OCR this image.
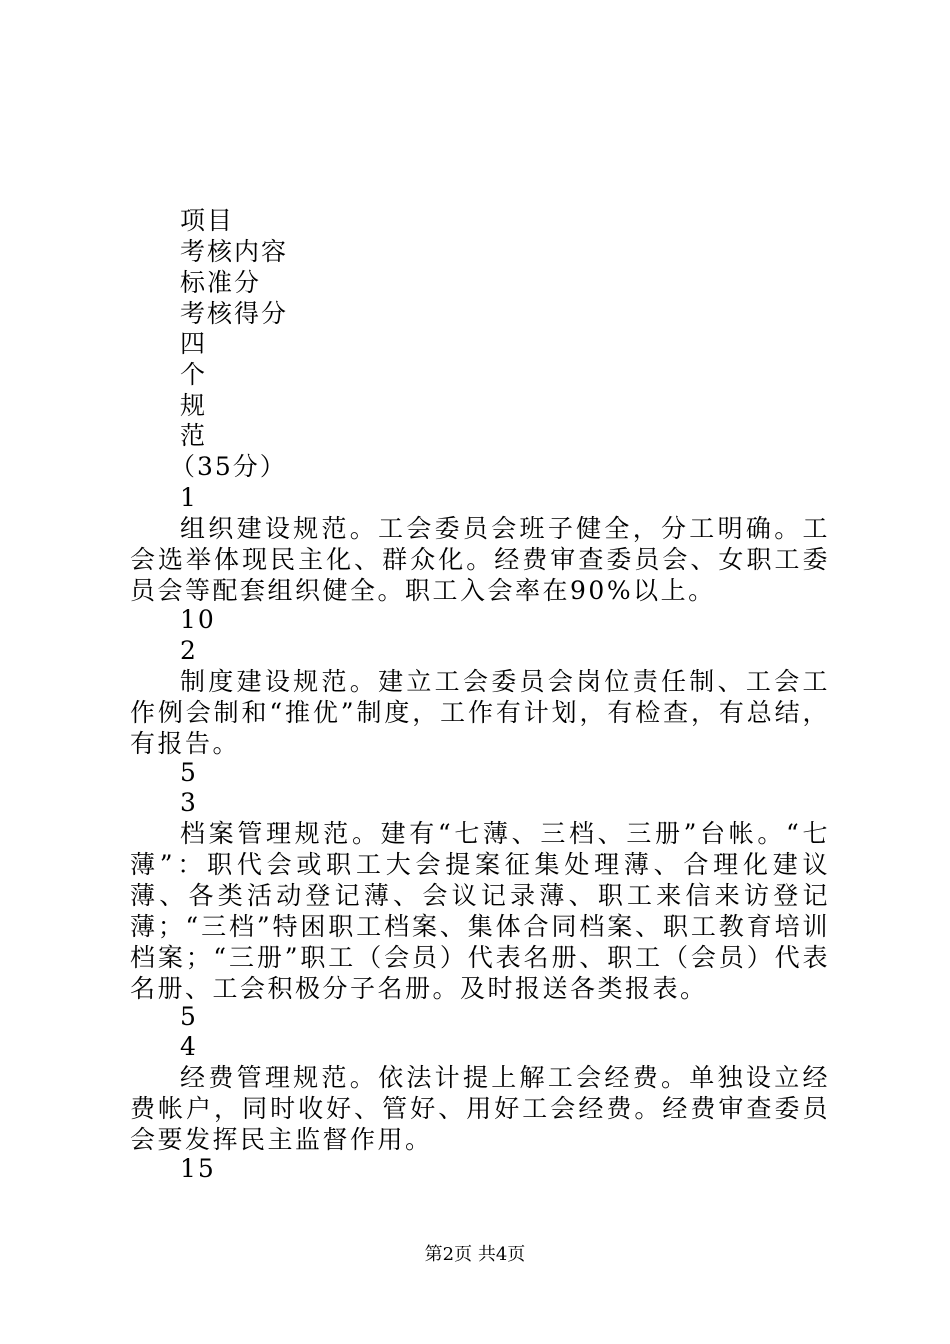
项目
考核内容
标准分
考核得分
四
个
规
范
（35分）
1
组织建设规范。工会委员会班子健全，分工明确。工会选举体现民主化、群众化。经费审查委员会、女职工委员会等配套组织健全。职工入会率在90%以上。
10
2
制度建设规范。建立工会委员会岗位责任制、工会工作例会制和“推优”制度，工作有计划，有检查，有总结，有报告。
5
3
档案管理规范。建有“七薄、三档、三册”台帐。“七薄”：职代会或职工大会提案征集处理薄、合理化建议薄、各类活动登记薄、会议记录薄、职工来信来访登记薄；“三档”特困职工档案、集体合同档案、职工教育培训档案；“三册”职工（会员）代表名册、职工（会员）代表名册、工会积极分子名册。及时报送各类报表。
5
4
经费管理规范。依法计提上解工会经费。单独设立经费帐户，同时收好、管好、用好工会经费。经费审查委员会要发挥民主监督作用。
15
第2页 共4页
